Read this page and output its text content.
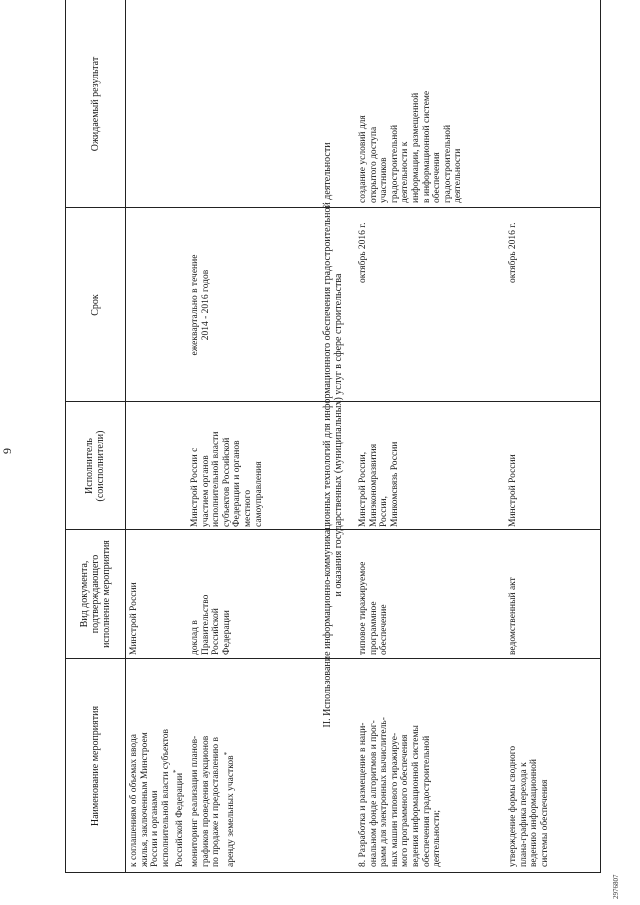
9
2976807
Наименование мероприятия
Вид документа, подтверждающего исполнение мероприятия
Исполнитель (соисполнители)
Срок
Ожидаемый результат
к соглашениям об объемах ввода жилья, заключенным Минстроем России и органами исполнительной власти субъектов Российской Федерации*
Минстрой России
мониторинг реализации планов- графиков проведения аукционов по продаже и предоставлению в аренду земельных участков*
доклад в Правительство Российской Федерации
Минстрой России с участием органов исполнительной власти субъектов Российской Федерации и органов местного самоуправления
ежеквартально в течение 2014 - 2016 годов	II. Использование информационно-коммуникационных технологий для информационного обеспечения градостроительной деятельности и оказания государственных (муниципальных) услуг в сфере строительства
8. Разработка и размещение в наци- ональном фонде алгоритмов и прог- рамм для электронных вычислитель- ных машин типового тиражируе- мого программного обеспечения ведения информационной системы обеспечения градостроительной деятельности;
типовое тиражируемое программное обеспечение
Минстрой России, Минэкономразвития России, Минкомсвязь России
октябрь 2016 г.
создание условий для открытого доступа участников градостроительной деятельности к информации, размещенной в информационной системе обеспечения градостроительной деятельности
утверждение формы сводного плана-графика перехода к ведению информационной системы обеспечения
ведомственный акт
Минстрой России
октябрь 2016 г.
